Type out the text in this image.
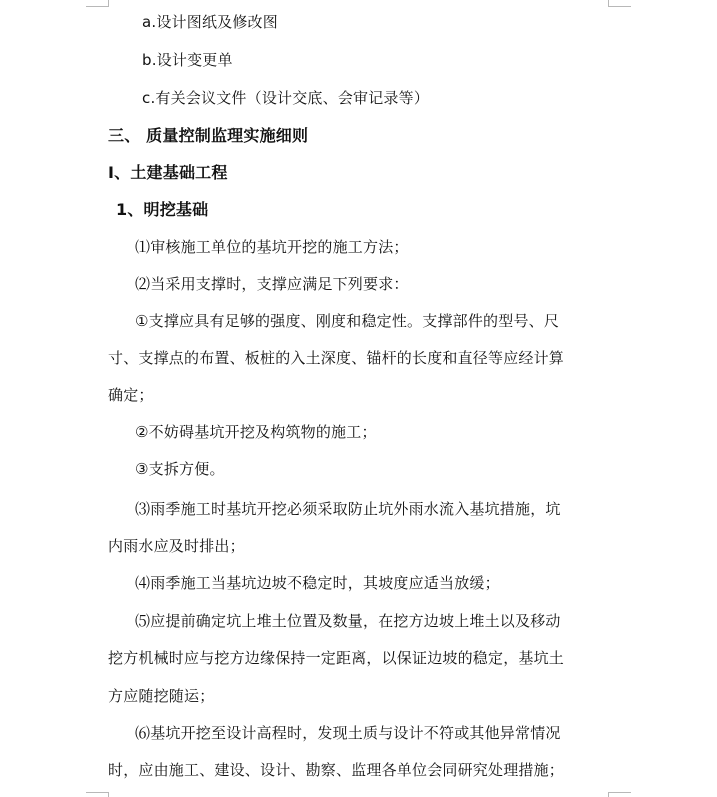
a.设计图纸及修改图
b.设计变更单
c.有关会议文件（设计交底、会审记录等）
三、 质量控制监理实施细则
Ⅰ、土建基础工程
1、明挖基础
⑴审核施工单位的基坑开挖的施工方法；
⑵当采用支撑时，支撑应满足下列要求：
①支撑应具有足够的强度、刚度和稳定性。支撑部件的型号、尺
寸、支撑点的布置、板桩的入土深度、锚杆的长度和直径等应经计算
确定；
②不妨碍基坑开挖及构筑物的施工；
③支拆方便。
⑶雨季施工时基坑开挖必须采取防止坑外雨水流入基坑措施，坑
内雨水应及时排出；
⑷雨季施工当基坑边坡不稳定时，其坡度应适当放缓；
⑸应提前确定坑上堆土位置及数量，在挖方边坡上堆土以及移动
挖方机械时应与挖方边缘保持一定距离，以保证边坡的稳定，基坑土
方应随挖随运；
⑹基坑开挖至设计高程时，发现土质与设计不符或其他异常情况
时，应由施工、建设、设计、勘察、监理各单位会同研究处理措施；
